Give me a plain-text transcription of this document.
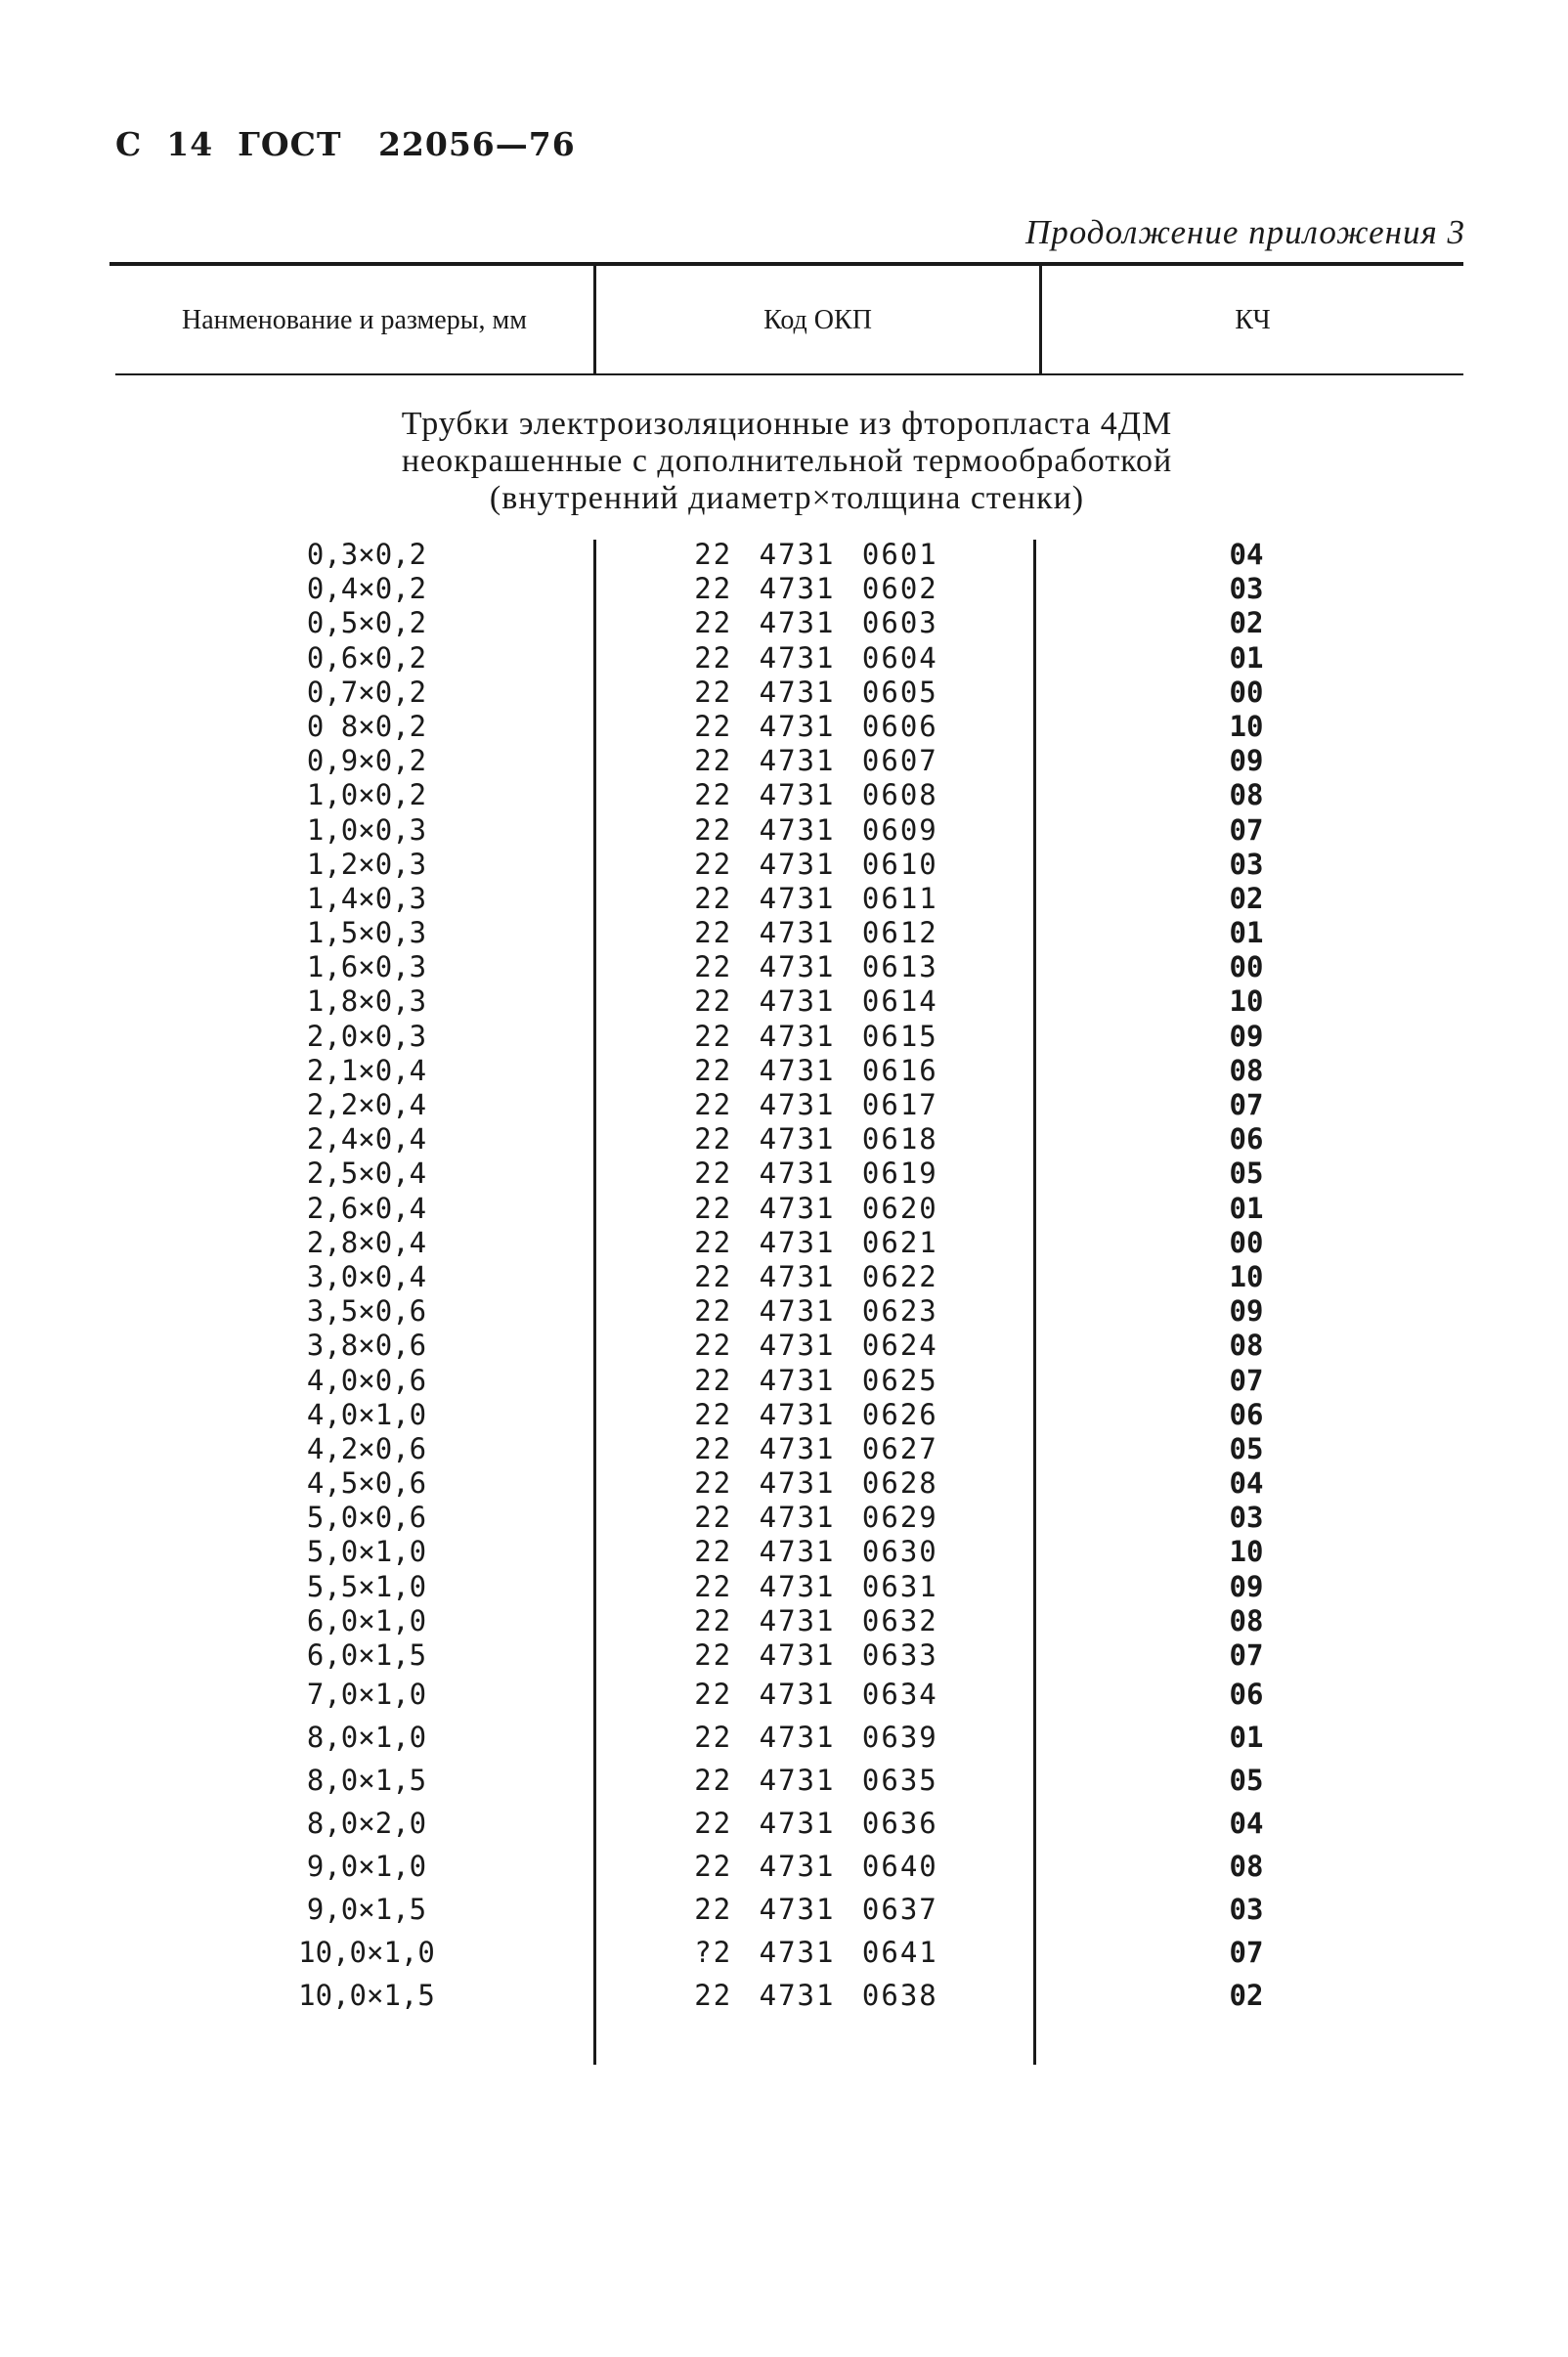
С  14  ГОСТ   22056—76
Продолжение приложения 3
Нанменование и размеры, мм	Код ОКΠ	КЧ
Трубки электроизоляционные из фторопласта 4ДМ
неокрашенные с дополнительной термообработкой
(внутренний диаметр×толщина стенки)
0,3×0,2	22 4731 0601	04
0,4×0,2	22 4731 0602	03
0,5×0,2	22 4731 0603	02
0,6×0,2	22 4731 0604	01
0,7×0,2	22 4731 0605	00
0 8×0,2	22 4731 0606	10
0,9×0,2	22 4731 0607	09
1,0×0,2	22 4731 0608	08
1,0×0,3	22 4731 0609	07
1,2×0,3	22 4731 0610	03
1,4×0,3	22 4731 0611	02
1,5×0,3	22 4731 0612	01
1,6×0,3	22 4731 0613	00
1,8×0,3	22 4731 0614	10
2,0×0,3	22 4731 0615	09
2,1×0,4	22 4731 0616	08
2,2×0,4	22 4731 0617	07
2,4×0,4	22 4731 0618	06
2,5×0,4	22 4731 0619	05
2,6×0,4	22 4731 0620	01
2,8×0,4	22 4731 0621	00
3,0×0,4	22 4731 0622	10
3,5×0,6	22 4731 0623	09
3,8×0,6	22 4731 0624	08
4,0×0,6	22 4731 0625	07
4,0×1,0	22 4731 0626	06
4,2×0,6	22 4731 0627	05
4,5×0,6	22 4731 0628	04
5,0×0,6	22 4731 0629	03
5,0×1,0	22 4731 0630	10
5,5×1,0	22 4731 0631	09
6,0×1,0	22 4731 0632	08
6,0×1,5	22 4731 0633	07
7,0×1,0	22 4731 0634	06
8,0×1,0	22 4731 0639	01
8,0×1,5	22 4731 0635	05
8,0×2,0	22 4731 0636	04
9,0×1,0	22 4731 0640	08
9,0×1,5	22 4731 0637	03
10,0×1,0	?2 4731 0641	07
10,0×1,5	22 4731 0638	02
